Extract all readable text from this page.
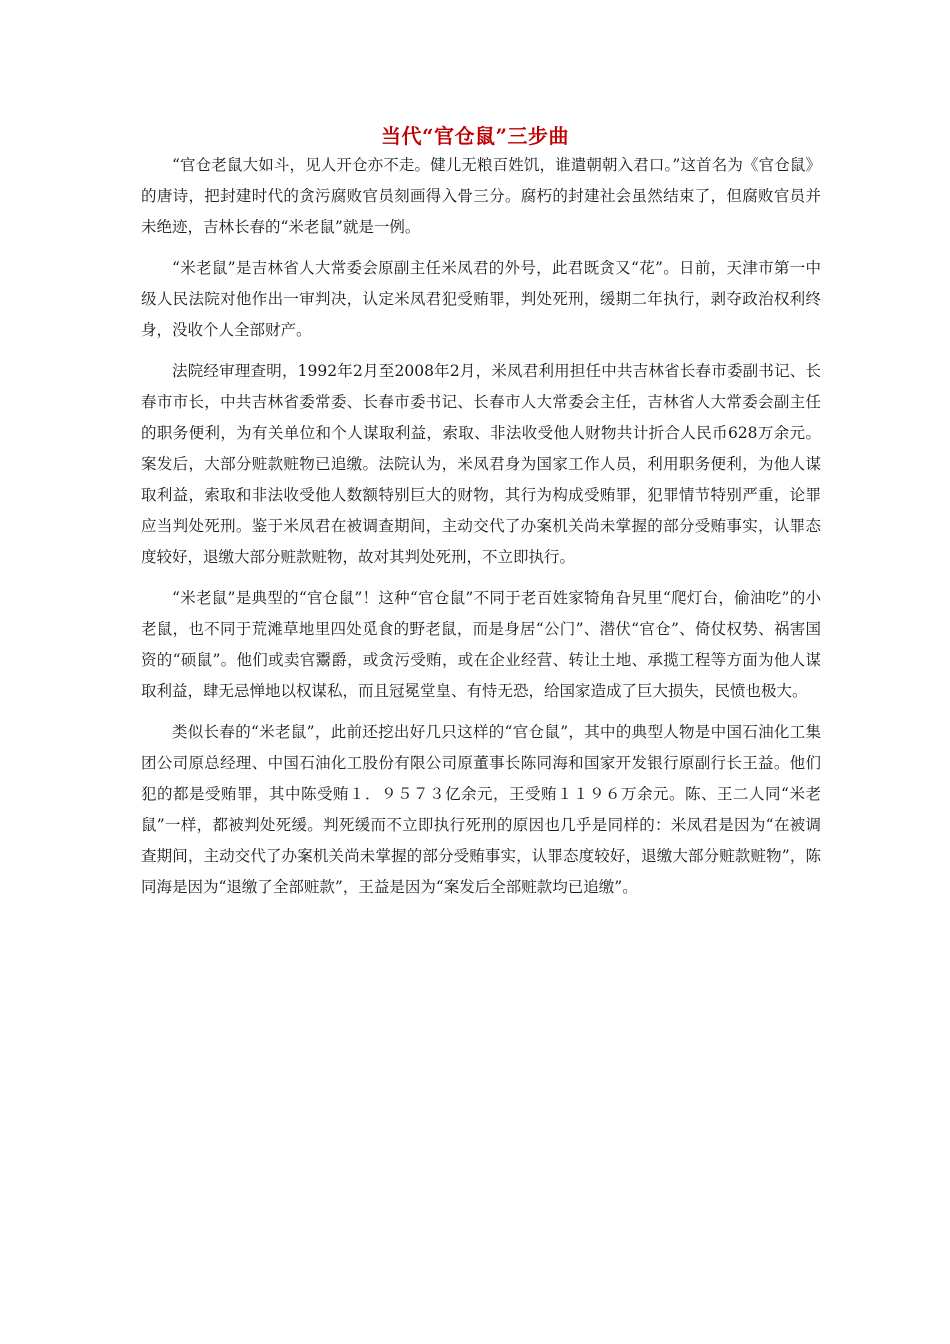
当代“官仓鼠”三步曲

“官仓老鼠大如斗，见人开仓亦不走。健儿无粮百姓饥，谁遣朝朝入君口。”这首名为《官仓鼠》的唐诗，把封建时代的贪污腐败官员刻画得入骨三分。腐朽的封建社会虽然结束了，但腐败官员并未绝迹，吉林长春的“米老鼠”就是一例。

“米老鼠”是吉林省人大常委会原副主任米凤君的外号，此君既贪又“花”。日前，天津市第一中级人民法院对他作出一审判决，认定米凤君犯受贿罪，判处死刑，缓期二年执行，剥夺政治权利终身，没收个人全部财产。

法院经审理查明，1992年2月至2008年2月，米凤君利用担任中共吉林省长春市委副书记、长春市市长，中共吉林省委常委、长春市委书记、长春市人大常委会主任，吉林省人大常委会副主任的职务便利，为有关单位和个人谋取利益，索取、非法收受他人财物共计折合人民币628万余元。案发后，大部分赃款赃物已追缴。法院认为，米凤君身为国家工作人员，利用职务便利，为他人谋取利益，索取和非法收受他人数额特别巨大的财物，其行为构成受贿罪，犯罪情节特别严重，论罪应当判处死刑。鉴于米凤君在被调查期间，主动交代了办案机关尚未掌握的部分受贿事实，认罪态度较好，退缴大部分赃款赃物，故对其判处死刑，不立即执行。

“米老鼠”是典型的“官仓鼠”！这种“官仓鼠”不同于老百姓家犄角旮旯里“爬灯台，偷油吃”的小老鼠，也不同于荒滩草地里四处觅食的野老鼠，而是身居“公门”、潜伏“官仓”、倚仗权势、祸害国资的“硕鼠”。他们或卖官鬻爵，或贪污受贿，或在企业经营、转让土地、承揽工程等方面为他人谋取利益，肆无忌惮地以权谋私，而且冠冕堂皇、有恃无恐，给国家造成了巨大损失，民愤也极大。

类似长春的“米老鼠”，此前还挖出好几只这样的“官仓鼠”，其中的典型人物是中国石油化工集团公司原总经理、中国石油化工股份有限公司原董事长陈同海和国家开发银行原副行长王益。他们犯的都是受贿罪，其中陈受贿１．９５７３亿余元，王受贿１１９６万余元。陈、王二人同“米老鼠”一样，都被判处死缓。判死缓而不立即执行死刑的原因也几乎是同样的：米凤君是因为“在被调查期间，主动交代了办案机关尚未掌握的部分受贿事实，认罪态度较好，退缴大部分赃款赃物”，陈同海是因为“退缴了全部赃款”，王益是因为“案发后全部赃款均已追缴”。
